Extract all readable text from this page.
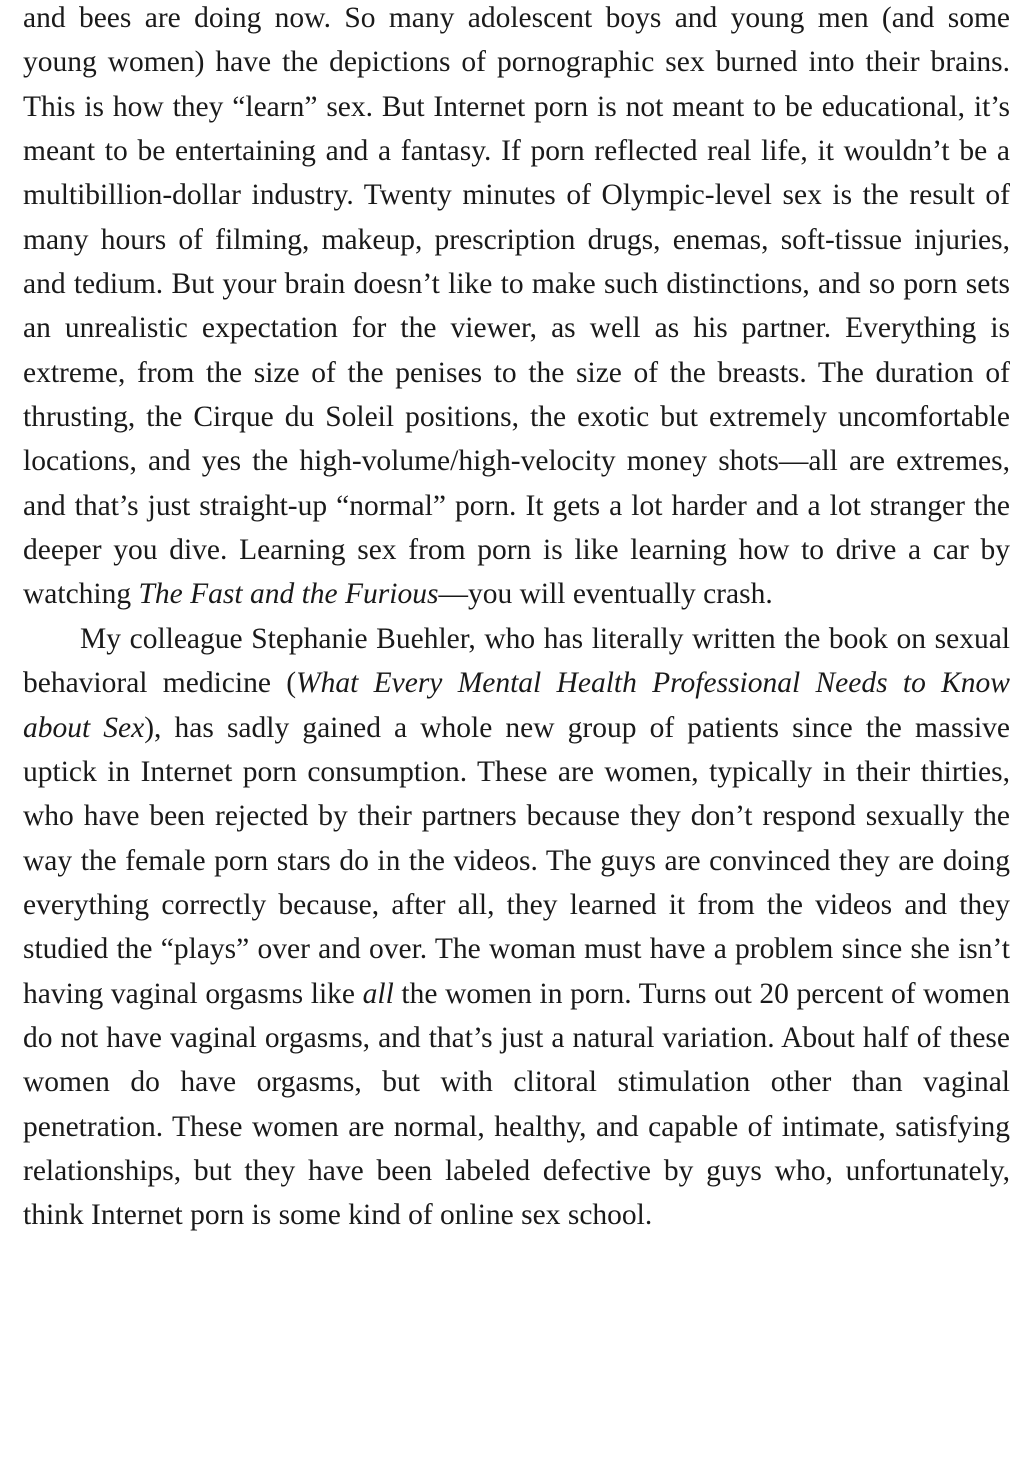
and bees are doing now. So many adolescent boys and young men (and some young women) have the depictions of pornographic sex burned into their brains. This is how they “learn” sex. But Internet porn is not meant to be educational, it’s meant to be entertaining and a fantasy. If porn reflected real life, it wouldn’t be a multibillion-dollar industry. Twenty minutes of Olympic-level sex is the result of many hours of filming, makeup, prescription drugs, enemas, soft-tissue injuries, and tedium. But your brain doesn’t like to make such distinctions, and so porn sets an unrealistic expectation for the viewer, as well as his partner. Everything is extreme, from the size of the penises to the size of the breasts. The duration of thrusting, the Cirque du Soleil positions, the exotic but extremely uncomfortable locations, and yes the high-volume/high-velocity money shots—all are extremes, and that’s just straight-up “normal” porn. It gets a lot harder and a lot stranger the deeper you dive. Learning sex from porn is like learning how to drive a car by watching The Fast and the Furious—you will eventually crash.

My colleague Stephanie Buehler, who has literally written the book on sexual behavioral medicine (What Every Mental Health Professional Needs to Know about Sex), has sadly gained a whole new group of patients since the massive uptick in Internet porn consumption. These are women, typically in their thirties, who have been rejected by their partners because they don’t respond sexually the way the female porn stars do in the videos. The guys are convinced they are doing everything correctly because, after all, they learned it from the videos and they studied the “plays” over and over. The woman must have a problem since she isn’t having vaginal orgasms like all the women in porn. Turns out 20 percent of women do not have vaginal orgasms, and that’s just a natural variation. About half of these women do have orgasms, but with clitoral stimulation other than vaginal penetration. These women are normal, healthy, and capable of intimate, satisfying relationships, but they have been labeled defective by guys who, unfortunately, think Internet porn is some kind of online sex school.
